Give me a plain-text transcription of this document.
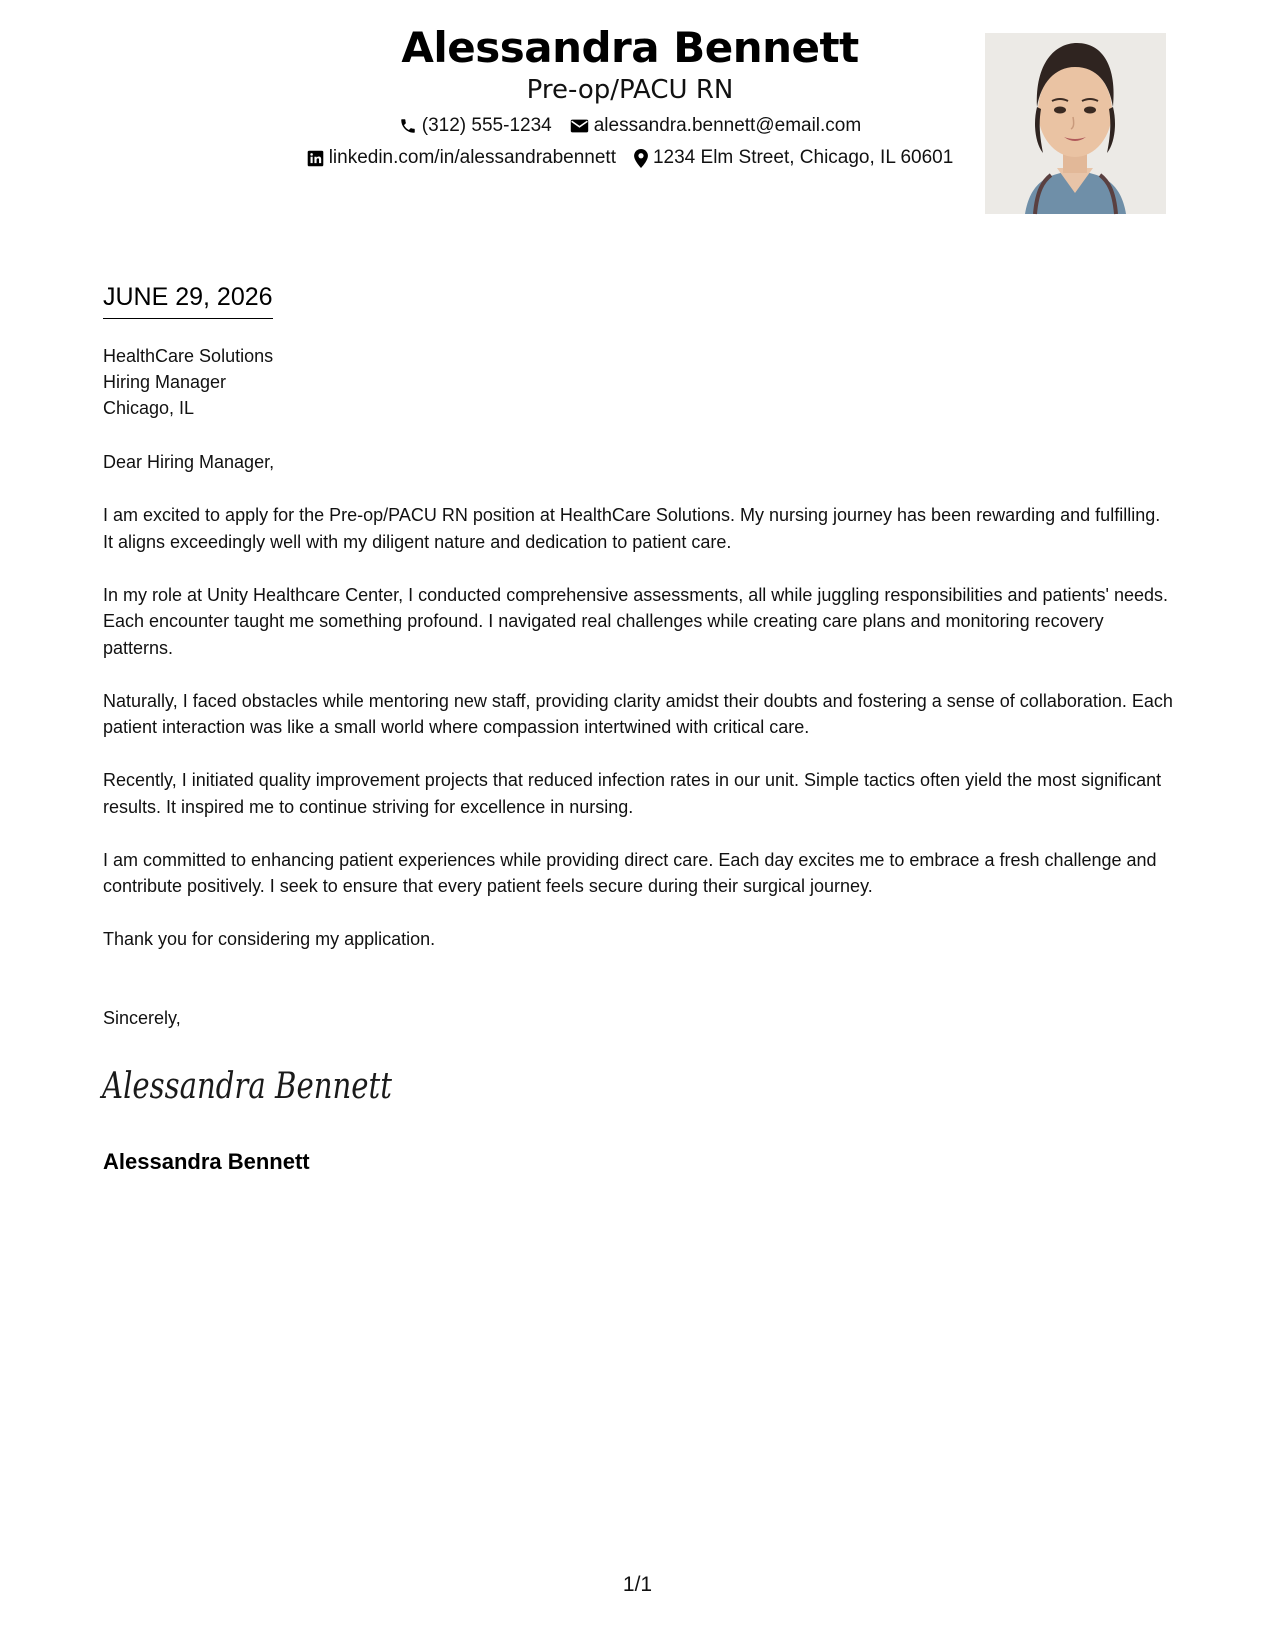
Alessandra Bennett
Pre-op/PACU RN
(312) 555-1234 alessandra.bennett@email.com
linkedin.com/in/alessandrabennett 1234 Elm Street, Chicago, IL 60601
JUNE 29, 2026
HealthCare Solutions
Hiring Manager
Chicago, IL

Dear Hiring Manager,

I am excited to apply for the Pre-op/PACU RN position at HealthCare Solutions. My nursing journey has been rewarding and fulfilling. It aligns exceedingly well with my diligent nature and dedication to patient care.

In my role at Unity Healthcare Center, I conducted comprehensive assessments, all while juggling responsibilities and patients' needs. Each encounter taught me something profound. I navigated real challenges while creating care plans and monitoring recovery patterns.

Naturally, I faced obstacles while mentoring new staff, providing clarity amidst their doubts and fostering a sense of collaboration. Each patient interaction was like a small world where compassion intertwined with critical care.

Recently, I initiated quality improvement projects that reduced infection rates in our unit. Simple tactics often yield the most significant results. It inspired me to continue striving for excellence in nursing.

I am committed to enhancing patient experiences while providing direct care. Each day excites me to embrace a fresh challenge and contribute positively. I seek to ensure that every patient feels secure during their surgical journey.

Thank you for considering my application.

Sincerely,
Alessandra Bennett
Alessandra Bennett
1/1
